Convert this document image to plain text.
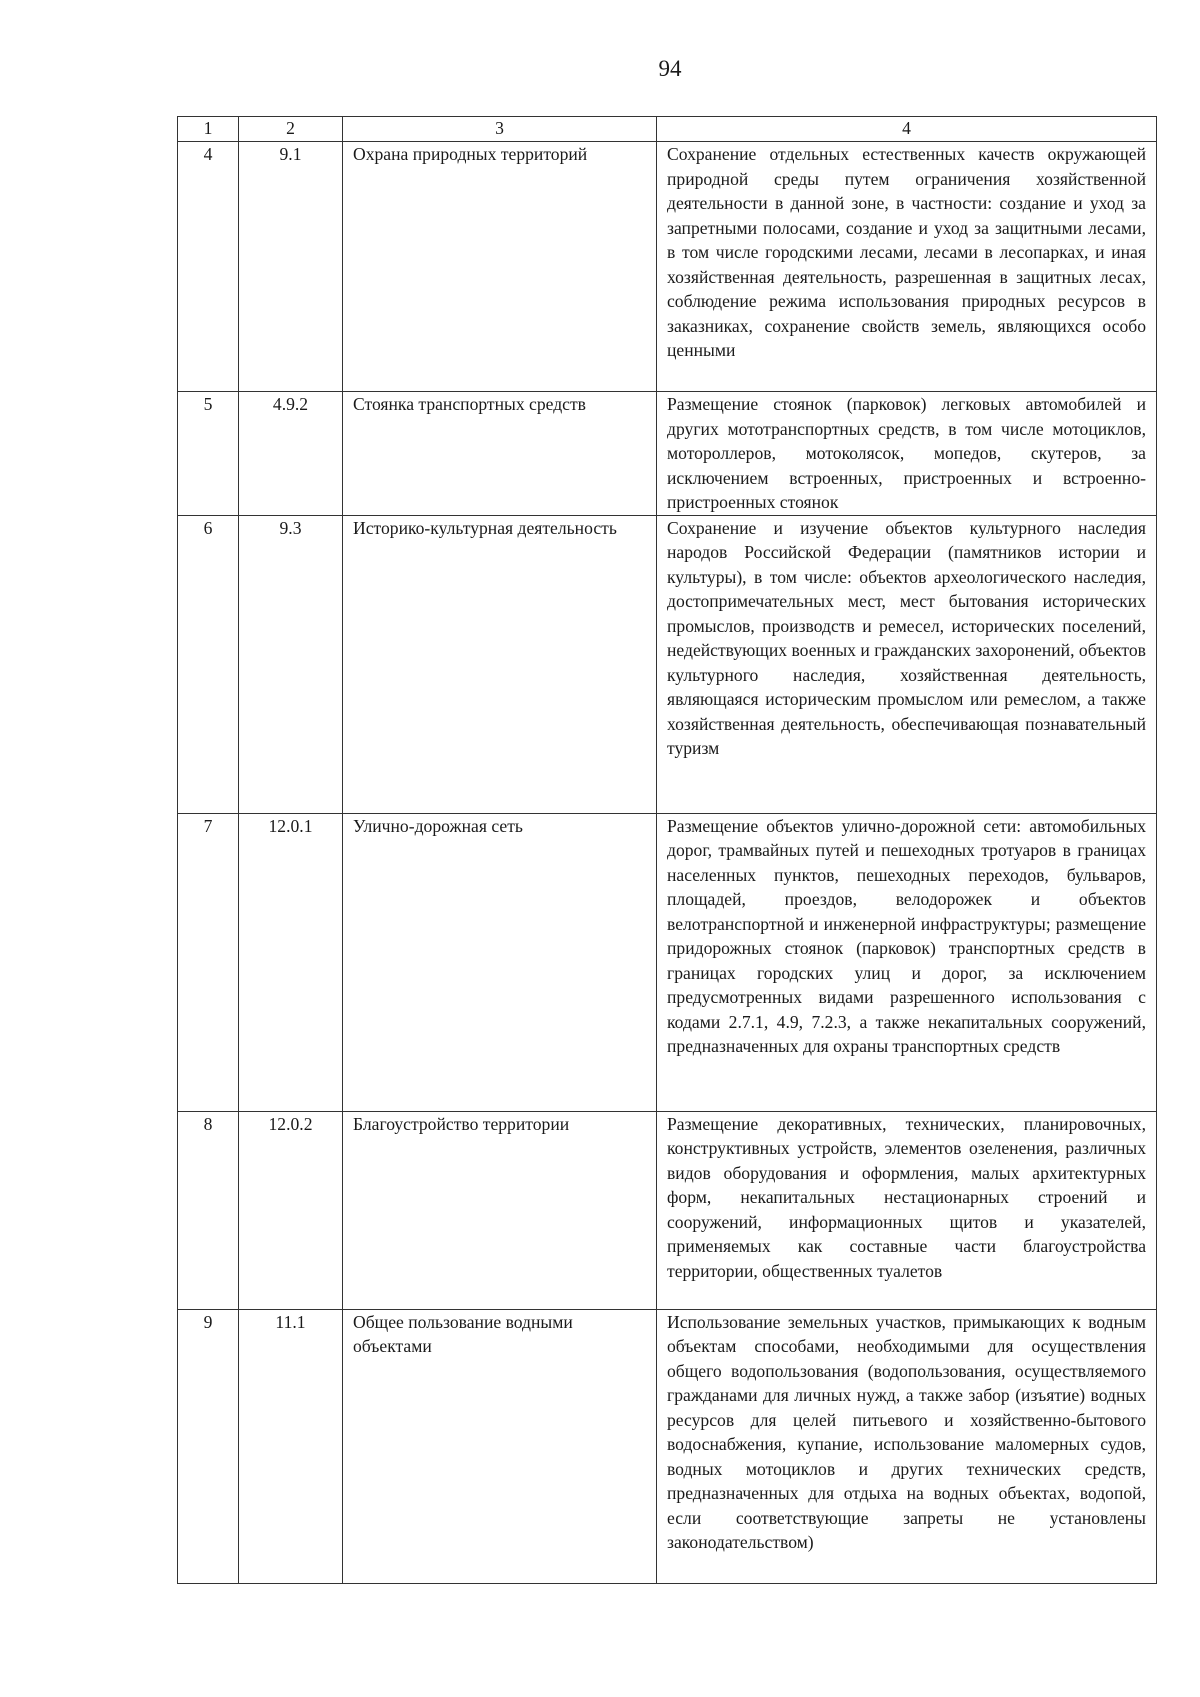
94
1	2	3	4
4	9.1	Охрана природных территорий	Сохранение отдельных естественных качеств окружающей природной среды путем ограничения хозяйственной деятельности в данной зоне, в частности: создание и уход за запретными полосами, создание и уход за защитными лесами, в том числе городскими лесами, лесами в лесопарках, и иная хозяйственная деятельность, разрешенная в защитных лесах, соблюдение режима использования природных ресурсов в заказниках, сохранение свойств земель, являющихся особо ценными
5	4.9.2	Стоянка транспортных средств	Размещение стоянок (парковок) легковых автомобилей и других мототранспортных средств, в том числе мотоциклов, мотороллеров, мотоколясок, мопедов, скутеров, за исключением встроенных, пристроенных и встроенно-пристроенных стоянок
6	9.3	Историко-культурная деятельность	Сохранение и изучение объектов культурного наследия народов Российской Федерации (памятников истории и культуры), в том числе: объектов археологического наследия, достопримечательных мест, мест бытования исторических промыслов, производств и ремесел, исторических поселений, недействующих военных и гражданских захоронений, объектов культурного наследия, хозяйственная деятельность, являющаяся историческим промыслом или ремеслом, а также хозяйственная деятельность, обеспечивающая познавательный туризм
7	12.0.1	Улично-дорожная сеть	Размещение объектов улично-дорожной сети: автомобильных дорог, трамвайных путей и пешеходных тротуаров в границах населенных пунктов, пешеходных переходов, бульваров, площадей, проездов, велодорожек и объектов велотранспортной и инженерной инфраструктуры; размещение придорожных стоянок (парковок) транспортных средств в границах городских улиц и дорог, за исключением предусмотренных видами разрешенного использования с кодами 2.7.1, 4.9, 7.2.3, а также некапитальных сооружений, предназначенных для охраны транспортных средств
8	12.0.2	Благоустройство территории	Размещение декоративных, технических, планировочных, конструктивных устройств, элементов озеленения, различных видов оборудования и оформления, малых архитектурных форм, некапитальных нестационарных строений и сооружений, информационных щитов и указателей, применяемых как составные части благоустройства территории, общественных туалетов
9	11.1	Общее пользование водными объектами	Использование земельных участков, примыкающих к водным объектам способами, необходимыми для осуществления общего водопользования (водопользования, осуществляемого гражданами для личных нужд, а также забор (изъятие) водных ресурсов для целей питьевого и хозяйственно-бытового водоснабжения, купание, использование маломерных судов, водных мотоциклов и других технических средств, предназначенных для отдыха на водных объектах, водопой, если соответствующие запреты не установлены законодательством)
